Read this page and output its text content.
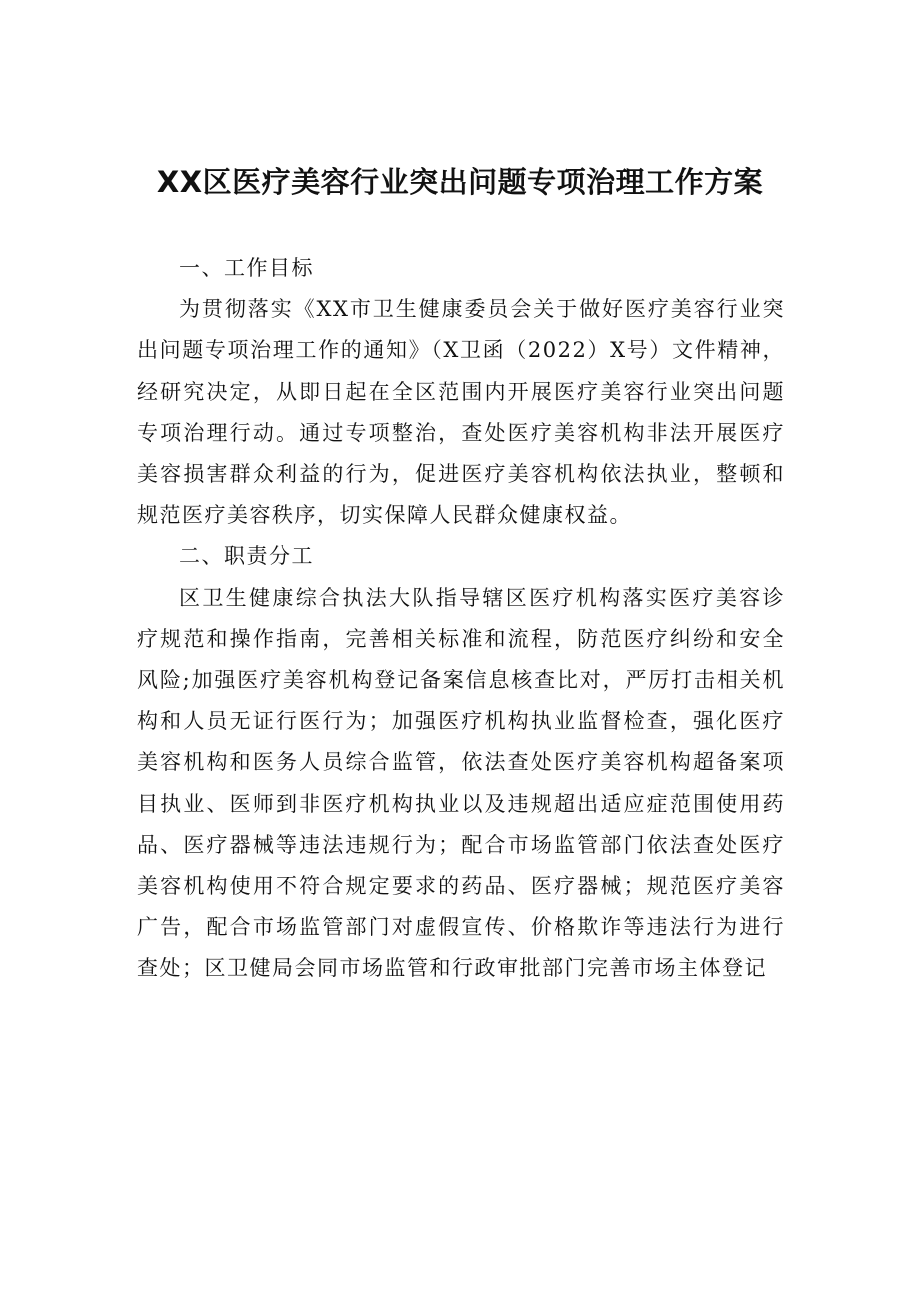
XX区医疗美容行业突出问题专项治理工作方案

一、工作目标

为贯彻落实《XX市卫生健康委员会关于做好医疗美容行业突出问题专项治理工作的通知》（X卫函（2022）X号）文件精神，经研究决定，从即日起在全区范围内开展医疗美容行业突出问题专项治理行动。通过专项整治，查处医疗美容机构非法开展医疗美容损害群众利益的行为，促进医疗美容机构依法执业，整顿和规范医疗美容秩序，切实保障人民群众健康权益。

二、职责分工

区卫生健康综合执法大队指导辖区医疗机构落实医疗美容诊疗规范和操作指南，完善相关标准和流程，防范医疗纠纷和安全风险;加强医疗美容机构登记备案信息核查比对，严厉打击相关机构和人员无证行医行为；加强医疗机构执业监督检查，强化医疗美容机构和医务人员综合监管，依法查处医疗美容机构超备案项目执业、医师到非医疗机构执业以及违规超出适应症范围使用药品、医疗器械等违法违规行为；配合市场监管部门依法查处医疗美容机构使用不符合规定要求的药品、医疗器械；规范医疗美容广告，配合市场监管部门对虚假宣传、价格欺诈等违法行为进行查处；区卫健局会同市场监管和行政审批部门完善市场主体登记
